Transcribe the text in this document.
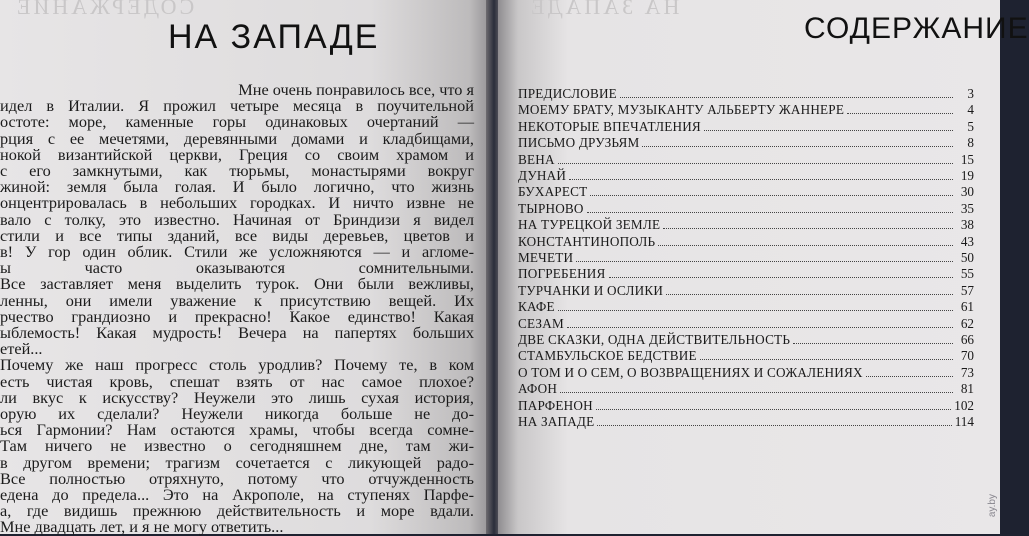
СОДЕРЖАНИЕ
НА ЗАПАДЕ
Мне очень понравилось все, что я
идел в Италии. Я прожил четыре месяца в поучительной
остоте: море, каменные горы одинаковых очертаний —
рция с ее мечетями, деревянными домами и кладбищами,
нокой византийской церкви, Греция со своим храмом и
с его замкнутыми, как тюрьмы, монастырями вокруг
жиной: земля была голая. И было логично, что жизнь
онцентрировалась в небольших городках. И ничто извне не
вало с толку, это известно. Начиная от Бриндизи я видел
стили и все типы зданий, все виды деревьев, цветов и
в! У гор один облик. Стили же усложняются — и агломе-
ы часто оказываются сомнительными.
Все заставляет меня выделить турок. Они были вежливы,
ленны, они имели уважение к присутствию вещей. Их
рчество грандиозно и прекрасно! Какое единство! Какая
ыблемость! Какая мудрость! Вечера на папертях больших
етей...
Почему же наш прогресс столь уродлив? Почему те, в ком
есть чистая кровь, спешат взять от нас самое плохое?
ли вкус к искусству? Неужели это лишь сухая история,
орую их сделали? Неужели никогда больше не до-
ься Гармонии? Нам остаются храмы, чтобы всегда сомне-
Там ничего не известно о сегодняшнем дне, там жи-
в другом времени; трагизм сочетается с ликующей радо-
Все полностью отряхнуто, потому что отчужденность
едена до предела... Это на Акрополе, на ступенях Парфе-
а, где видишь прежнюю действительность и море вдали.
Мне двадцать лет, и я не могу ответить...
НА ЗАПАДЕ
СОДЕРЖАНИЕ
ПРЕДИСЛОВИЕ	3
МОЕМУ БРАТУ, МУЗЫКАНТУ АЛЬБЕРТУ ЖАННЕРЕ	4
НЕКОТОРЫЕ ВПЕЧАТЛЕНИЯ	5
ПИСЬМО ДРУЗЬЯМ	8
ВЕНА	15
ДУНАЙ	19
БУХАРЕСТ	30
ТЫРНОВО	35
НА ТУРЕЦКОЙ ЗЕМЛЕ	38
КОНСТАНТИНОПОЛЬ	43
МЕЧЕТИ	50
ПОГРЕБЕНИЯ	55
ТУРЧАНКИ И ОСЛИКИ	57
КАФЕ	61
СЕЗАМ	62
ДВЕ СКАЗКИ, ОДНА ДЕЙСТВИТЕЛЬНОСТЬ	66
СТАМБУЛЬСКОЕ БЕДСТВИЕ	70
О ТОМ И О СЕМ, О ВОЗВРАЩЕНИЯХ И СОЖАЛЕНИЯХ	73
АФОН	81
ПАРФЕНОН	102
НА ЗАПАДЕ	114
ay.by
